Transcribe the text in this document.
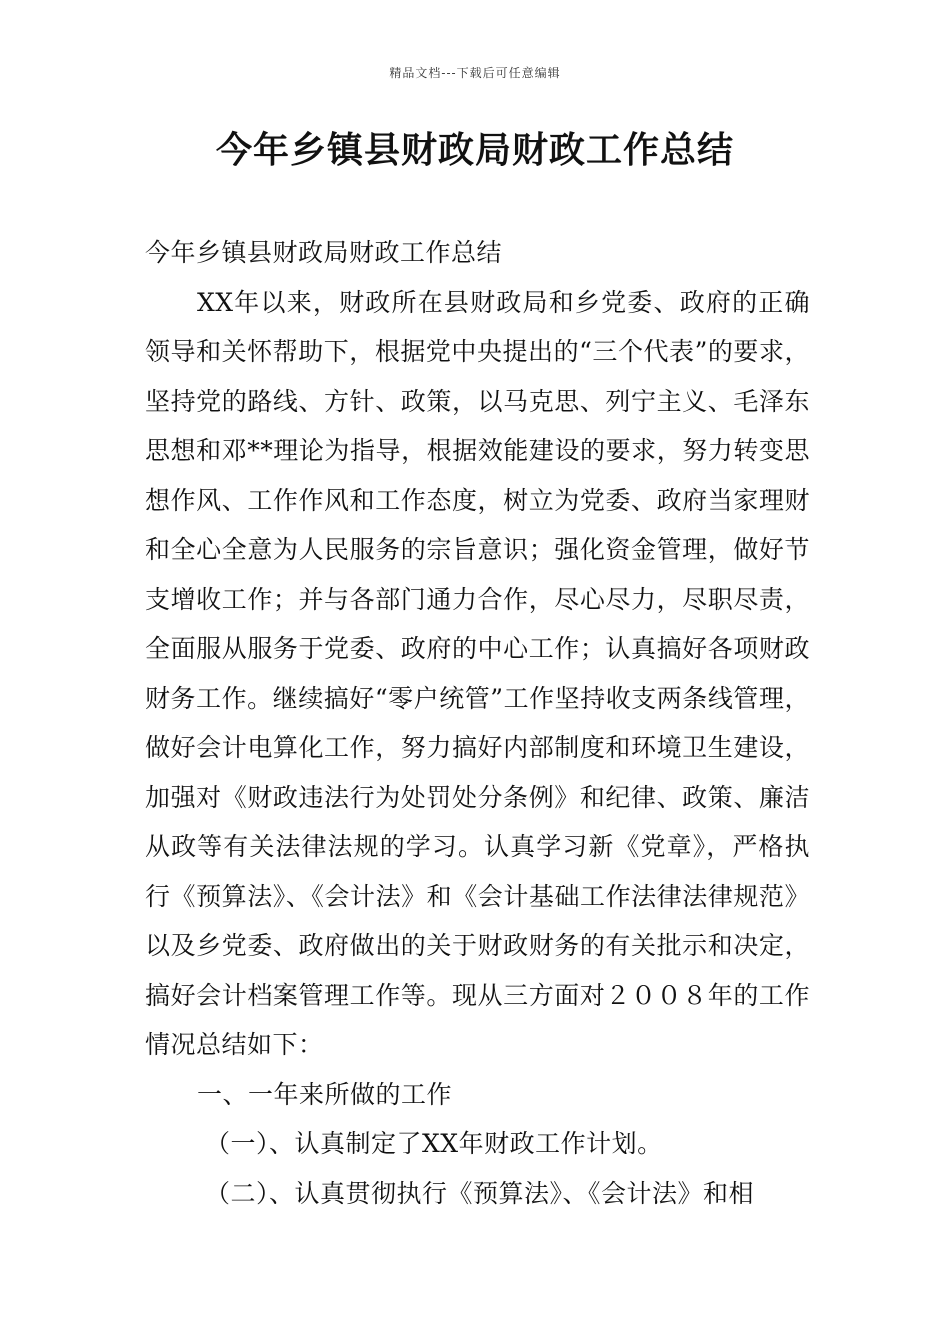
精品文档---下载后可任意编辑
今年乡镇县财政局财政工作总结

今年乡镇县财政局财政工作总结

XX年以来，财政所在县财政局和乡党委、政府的正确领导和关怀帮助下，根据党中央提出的“三个代表”的要求，坚持党的路线、方针、政策，以马克思、列宁主义、毛泽东思想和邓**理论为指导，根据效能建设的要求，努力转变思想作风、工作作风和工作态度，树立为党委、政府当家理财和全心全意为人民服务的宗旨意识；强化资金管理，做好节支增收工作；并与各部门通力合作，尽心尽力，尽职尽责，全面服从服务于党委、政府的中心工作；认真搞好各项财政财务工作。继续搞好“零户统管”工作坚持收支两条线管理，做好会计电算化工作，努力搞好内部制度和环境卫生建设，加强对《财政违法行为处罚处分条例》和纪律、政策、廉洁从政等有关法律法规的学习。认真学习新《党章》，严格执行《预算法》、《会计法》和《会计基础工作法律法律规范》以及乡党委、政府做出的关于财政财务的有关批示和决定，搞好会计档案管理工作等。现从三方面对２００８年的工作情况总结如下：

一、一年来所做的工作

（一）、认真制定了XX年财政工作计划。

（二）、认真贯彻执行《预算法》、《会计法》和相
